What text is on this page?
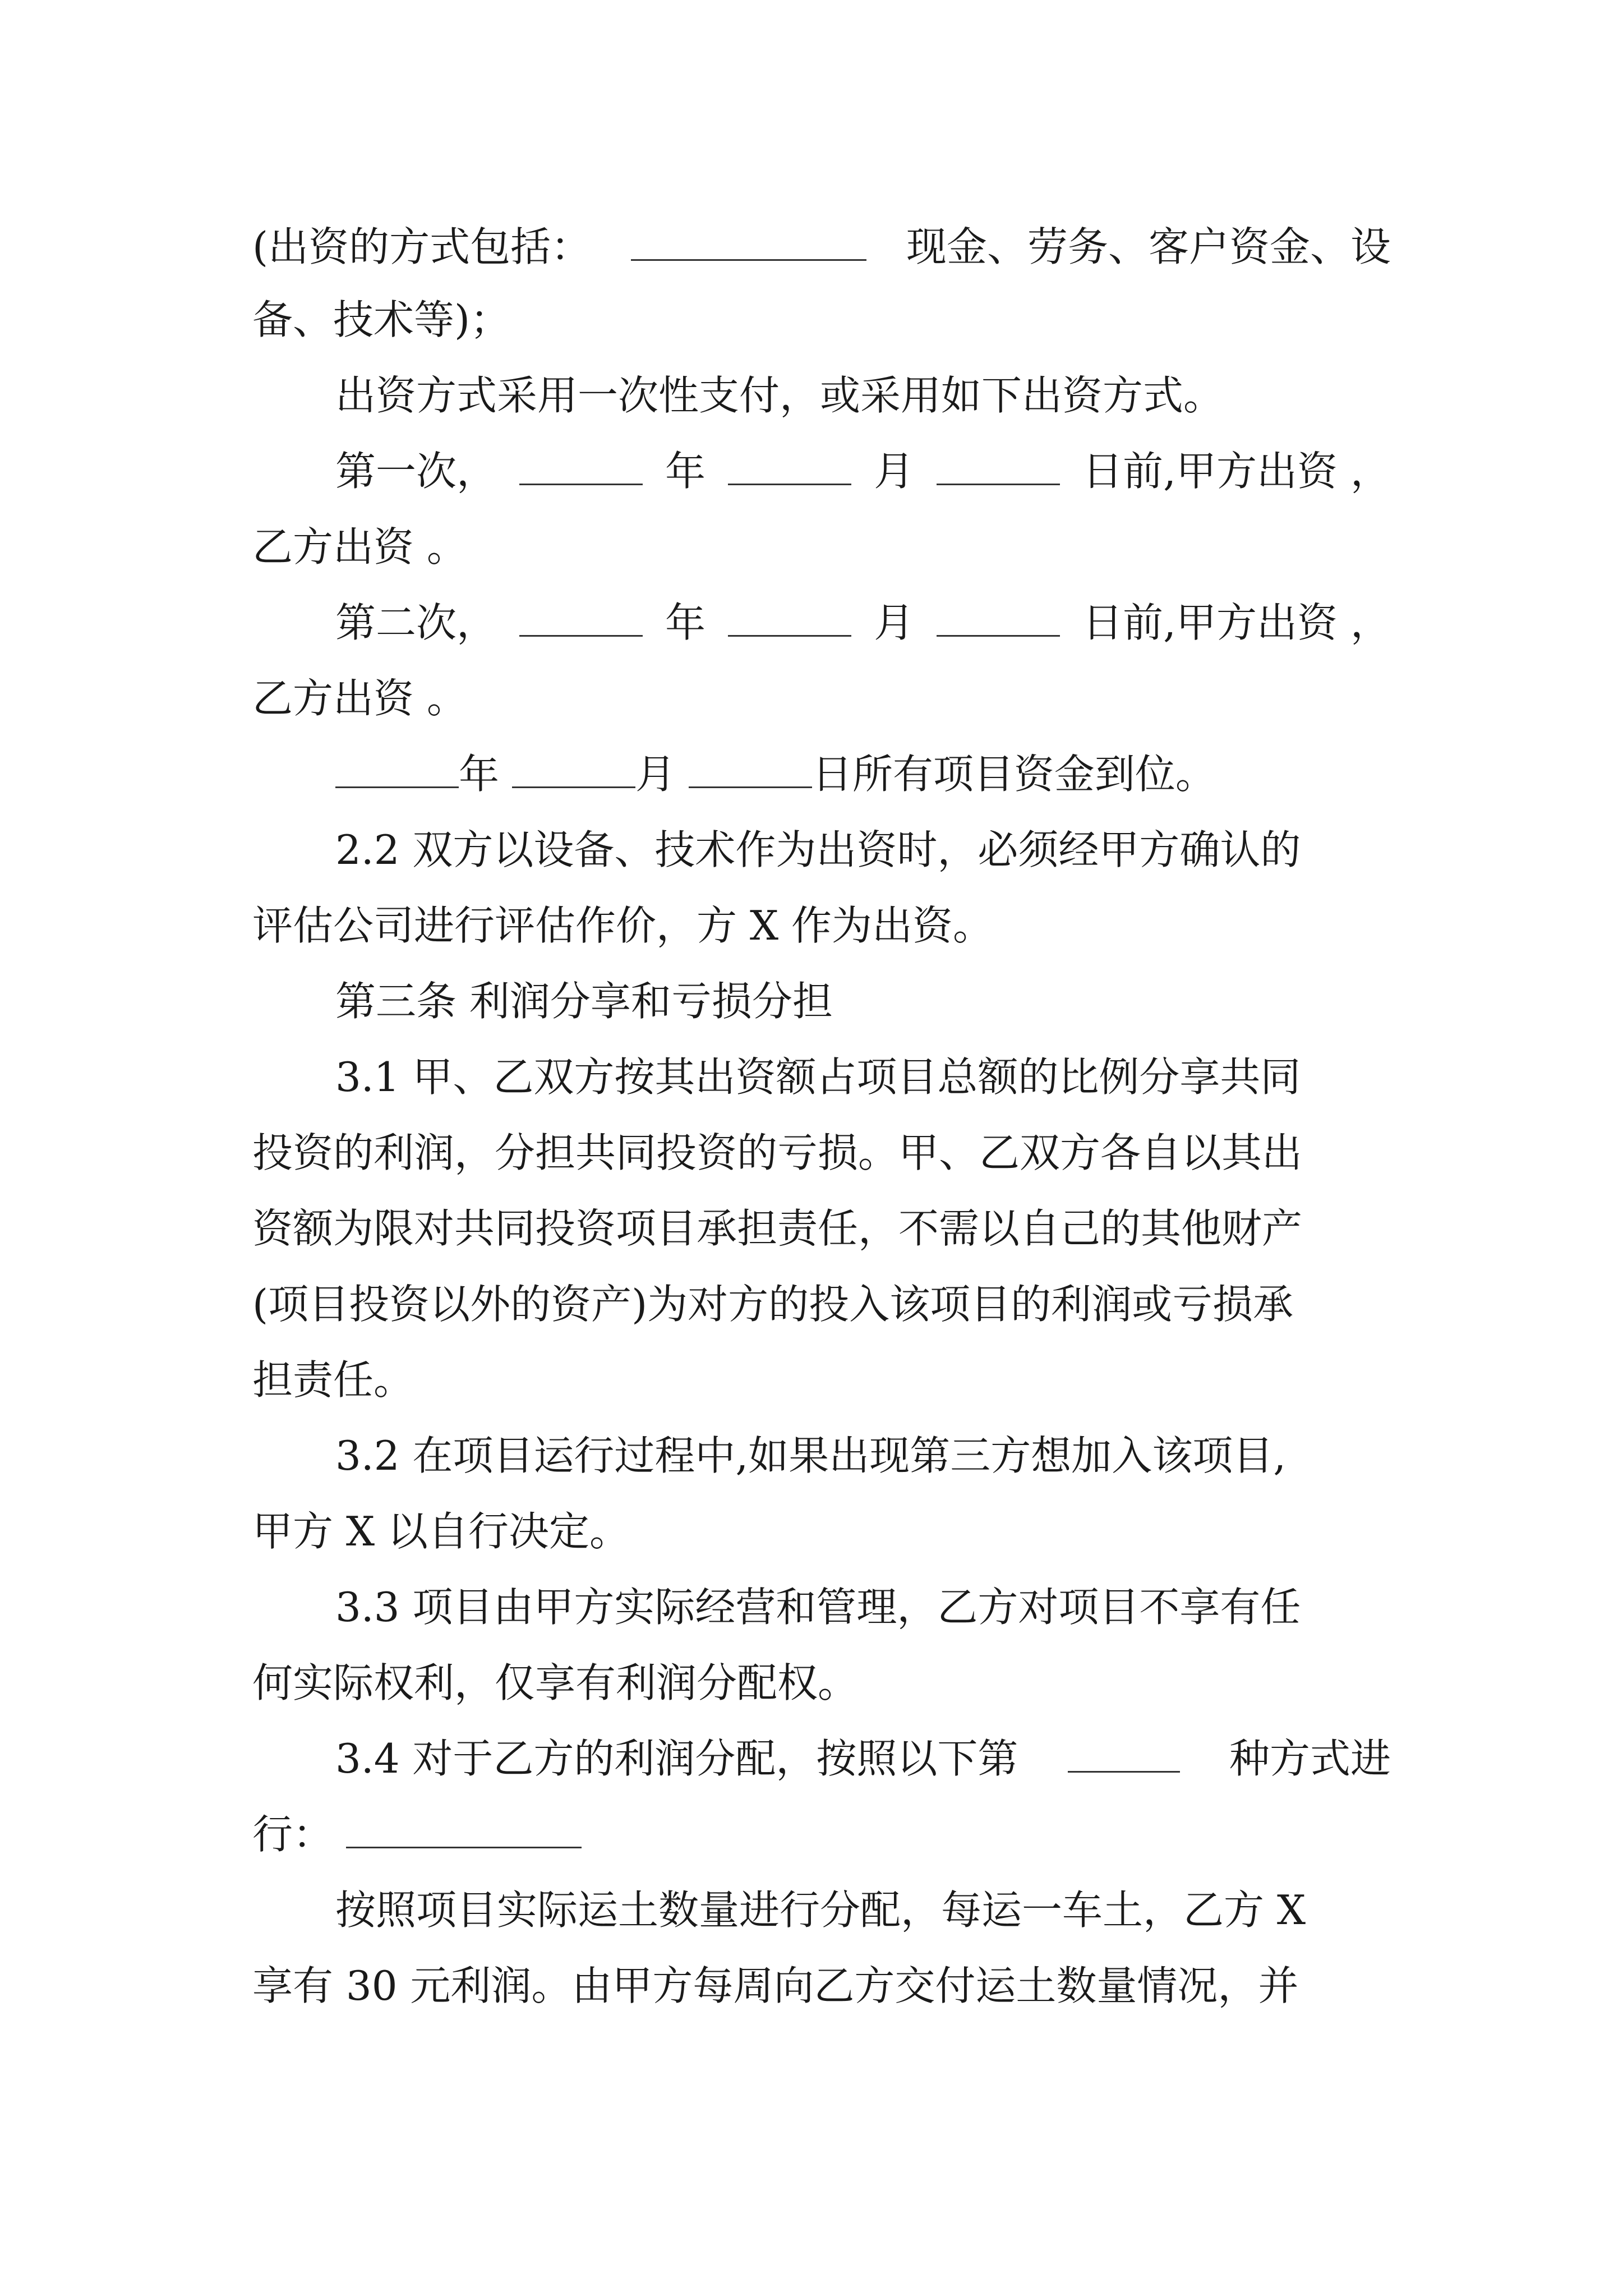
(出资的方式包括：	现金、劳务、客户资金、设
备、技术等)；
出资方式采用一次性支付，或采用如下出资方式。
第一次，	年	月	日前,甲方出资 ，
乙方出资 。
第二次，	年	月	日前,甲方出资 ，
乙方出资 。
年	月	日所有项目资金到位。
2.2 双方以设备、技术作为出资时，必须经甲方确认的
评估公司进行评估作价，方 X 作为出资。
第三条 利润分享和亏损分担
3.1 甲、乙双方按其出资额占项目总额的比例分享共同
投资的利润，分担共同投资的亏损。甲、乙双方各自以其出
资额为限对共同投资项目承担责任，不需以自己的其他财产
(项目投资以外的资产)为对方的投入该项目的利润或亏损承
担责任。
3.2 在项目运行过程中,如果出现第三方想加入该项目,
甲方 X 以自行决定。
3.3 项目由甲方实际经营和管理，乙方对项目不享有任
何实际权利，仅享有利润分配权。
3.4 对于乙方的利润分配，按照以下第	种方式进
行：
按照项目实际运土数量进行分配，每运一车土，乙方 X
享有 30 元利润。由甲方每周向乙方交付运土数量情况，并
